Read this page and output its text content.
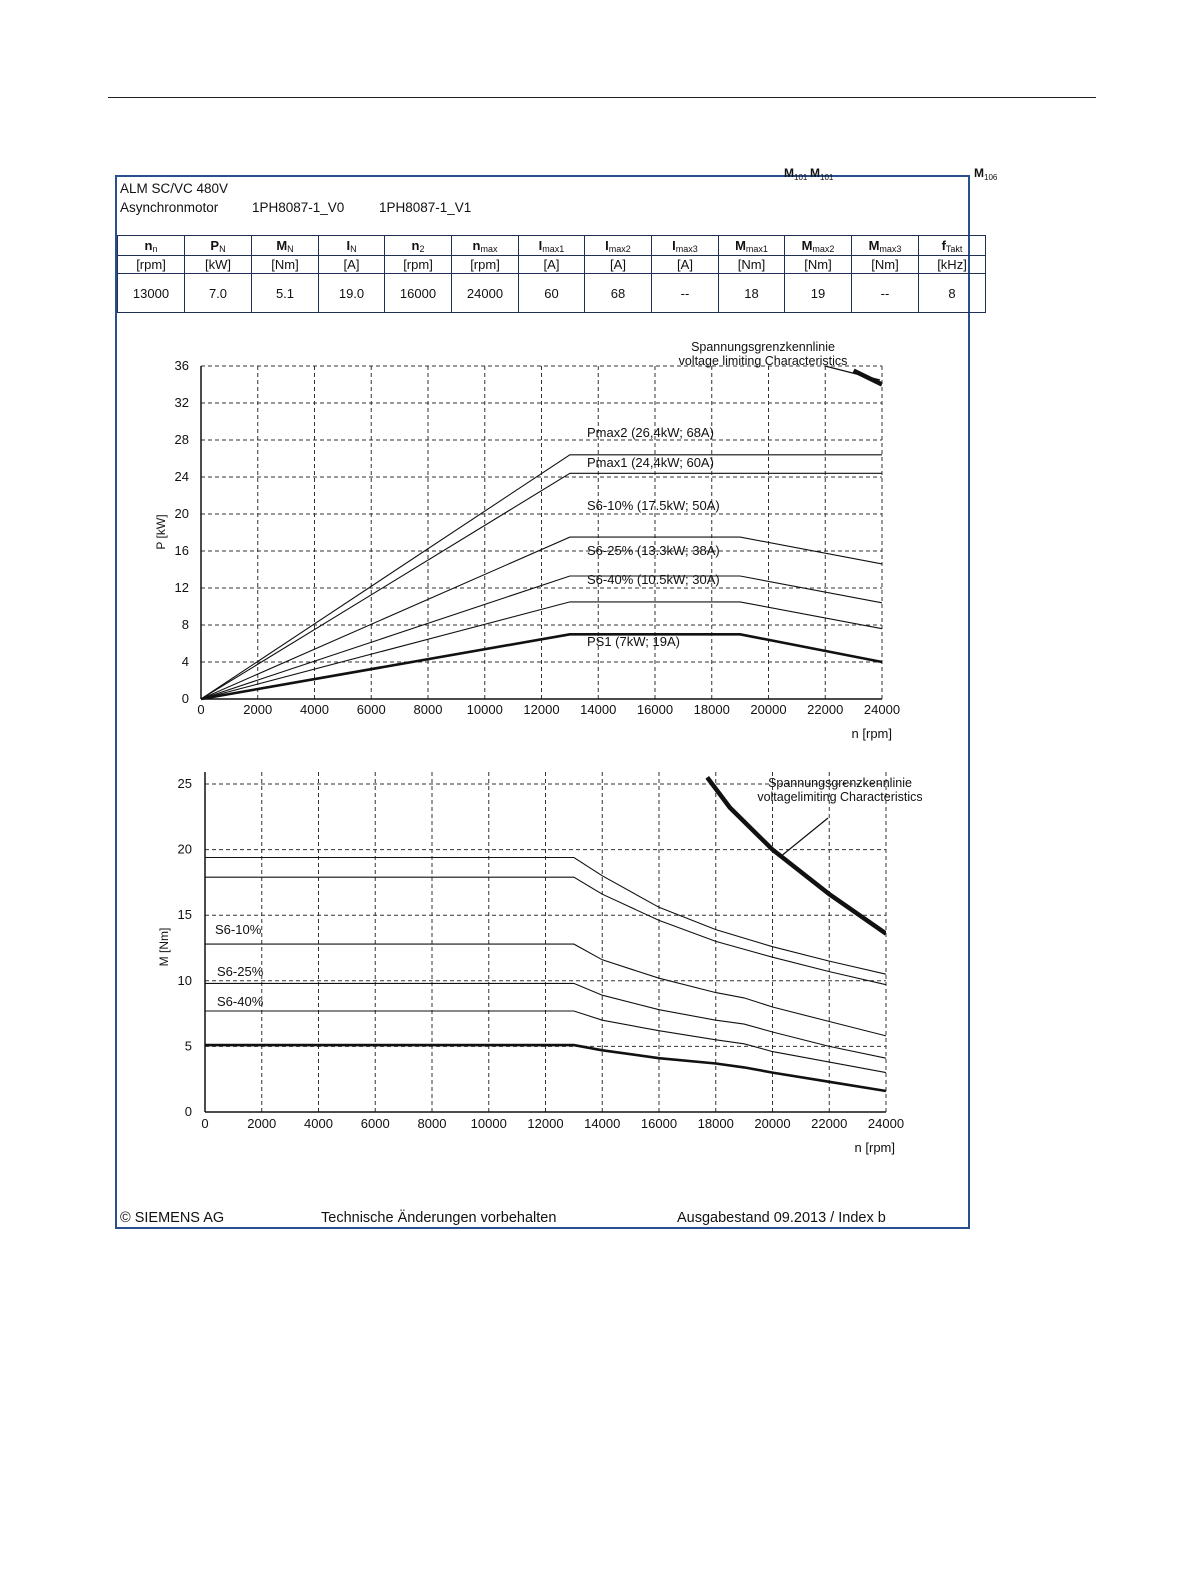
ALM SC/VC 480V
Asynchronmotor 1PH8087-1_V0	1PH8087-1_V1
$n_n$	$P_N$	$M_N$	$I_N$	$n_2$	$n_{max}$	$I_{max1}$	$I_{max2}$	$I_{max3}$	$M_{max1}$	$M_{max2}$	$M_{max3}$	$f_{Takt}$
[rpm]	[kW]	[Nm]	[A]	[rpm]	[rpm]	[A]	[A]	[A]	[Nm]	[Nm]	[Nm]	[kHz]
13000	7.0	5.1	19.0	16000	24000	60	68	--	18	19	--	8
0	2000 4000 6000 8000 10000 12000 14000 16000 18000 20000 22000 24000
0
4
8
12
16
20
24
28
32
36
n [rpm]
P [kW]
Spannungsgrenzkennlinie
voltage limiting Characteristics
Pmax2 (26,4kW; 68A)
Pmax1 (24,4kW; 60A)
S6-10% (17.5kW; 50A)
S6-25% (13.3kW; 38A)
S6-40% (10.5kW; 30A)
PS1 (7kW; 19A)
0	2000 4000 6000 8000 10000 12000 14000 16000 18000 20000 22000 24000
0
5
10
15
20
25
n [rpm]
M [Nm]
Spannungsgrenzkennlinie
voltagelimiting Characteristics
S6-10%
S6-25%
S6-40%
$M_{101}$ $M_{101}$	$M_{106}$
© SIEMENS AG	Technische Änderungen vorbehalten	Ausgabestand 09.2013 / Index b
